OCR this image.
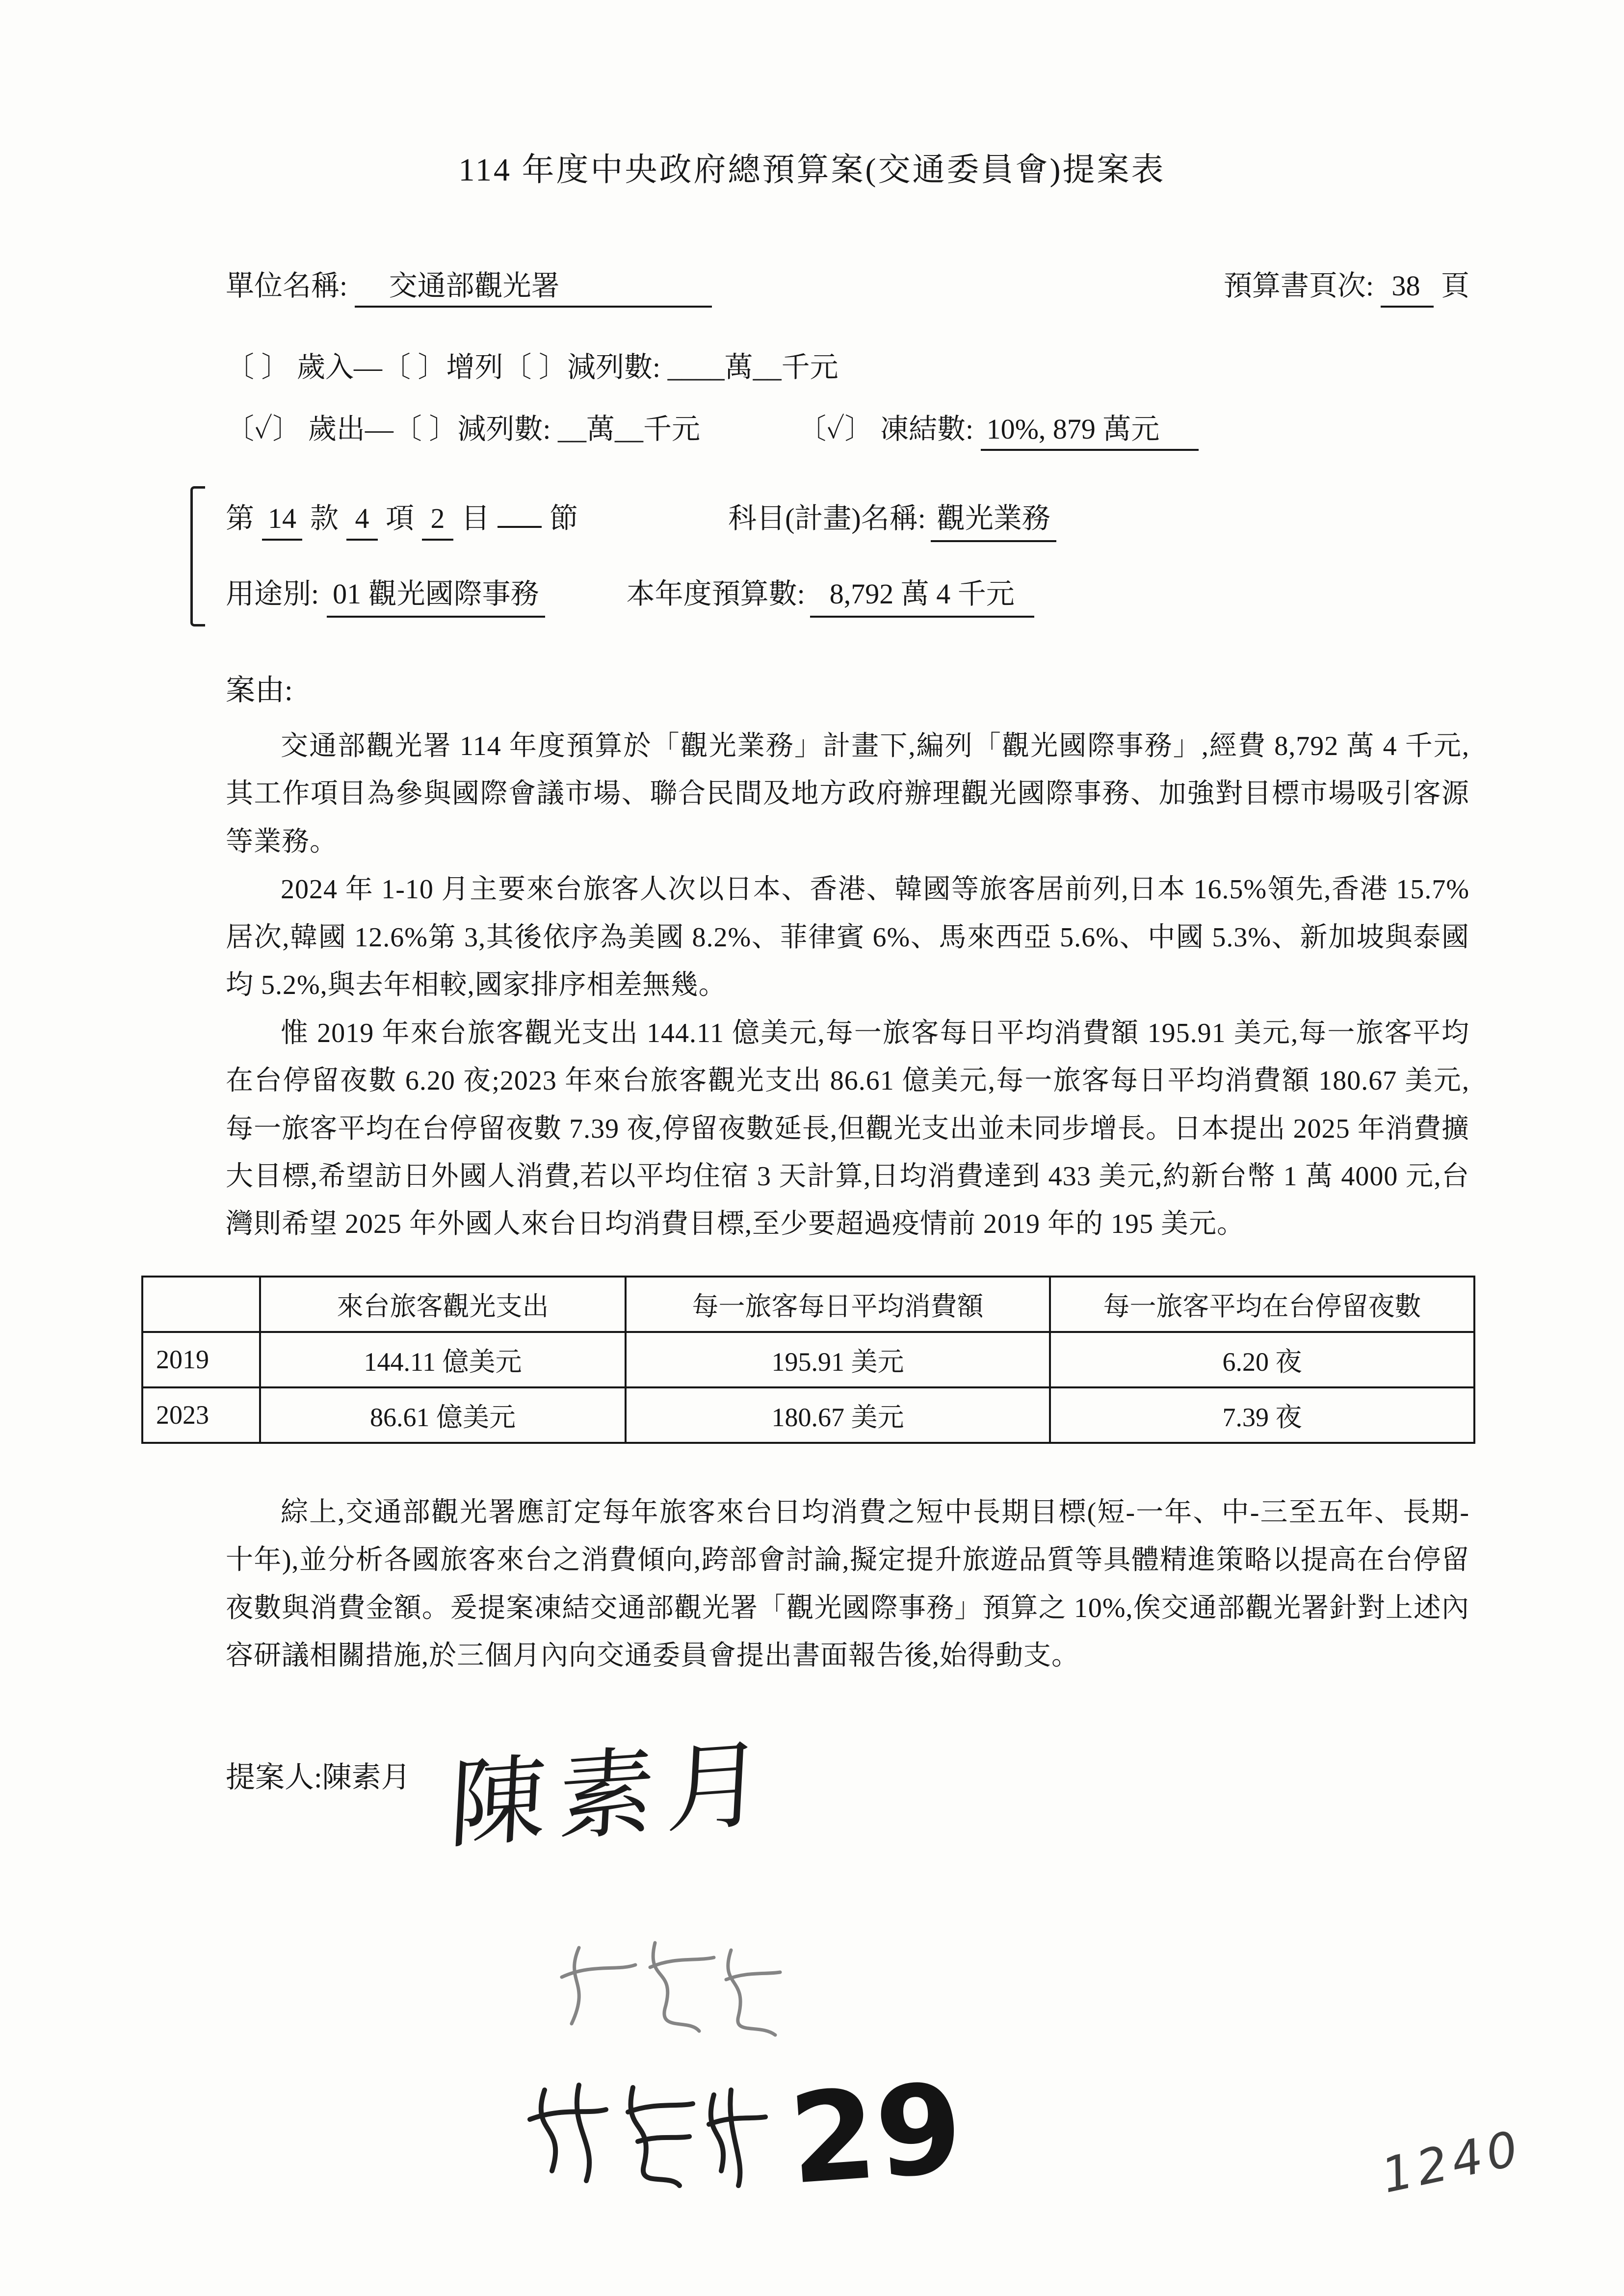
114 年度中央政府總預算案(交通委員會)提案表
單位名稱: 交通部觀光署	預算書頁次: 38 頁
〔 〕 歲入—〔 〕增列〔 〕減列數: ____萬__千元
〔✓〕 歲出—〔 〕減列數: __萬__千元	〔✓〕 凍結數: 10%, 879 萬元
第 14 款 4 項 2 目 節	科目(計畫)名稱: 觀光業務
用途別: 01 觀光國際事務	本年度預算數: 8,792 萬 4 千元
案由:

交通部觀光署 114 年度預算於「觀光業務」計畫下,編列「觀光國際事務」,經費 8,792 萬 4 千元,其工作項目為參與國際會議市場、聯合民間及地方政府辦理觀光國際事務、加強對目標市場吸引客源等業務。

2024 年 1-10 月主要來台旅客人次以日本、香港、韓國等旅客居前列,日本 16.5%領先,香港 15.7%居次,韓國 12.6%第 3,其後依序為美國 8.2%、菲律賓 6%、馬來西亞 5.6%、中國 5.3%、新加坡與泰國均 5.2%,與去年相較,國家排序相差無幾。

惟 2019 年來台旅客觀光支出 144.11 億美元,每一旅客每日平均消費額 195.91 美元,每一旅客平均在台停留夜數 6.20 夜;2023 年來台旅客觀光支出 86.61 億美元,每一旅客每日平均消費額 180.67 美元,每一旅客平均在台停留夜數 7.39 夜,停留夜數延長,但觀光支出並未同步增長。日本提出 2025 年消費擴大目標,希望訪日外國人消費,若以平均住宿 3 天計算,日均消費達到 433 美元,約新台幣 1 萬 4000 元,台灣則希望 2025 年外國人來台日均消費目標,至少要超過疫情前 2019 年的 195 美元。

	來台旅客觀光支出	每一旅客每日平均消費額	每一旅客平均在台停留夜數
2019	144.11 億美元	195.91 美元	6.20 夜
2023	86.61 億美元	180.67 美元	7.39 夜

綜上,交通部觀光署應訂定每年旅客來台日均消費之短中長期目標(短-一年、中-三至五年、長期-十年),並分析各國旅客來台之消費傾向,跨部會討論,擬定提升旅遊品質等具體精進策略以提高在台停留夜數與消費金額。爰提案凍結交通部觀光署「觀光國際事務」預算之 10%,俟交通部觀光署針對上述內容研議相關措施,於三個月內向交通委員會提出書面報告後,始得動支。

提案人:陳素月 陳素月
29	1240
